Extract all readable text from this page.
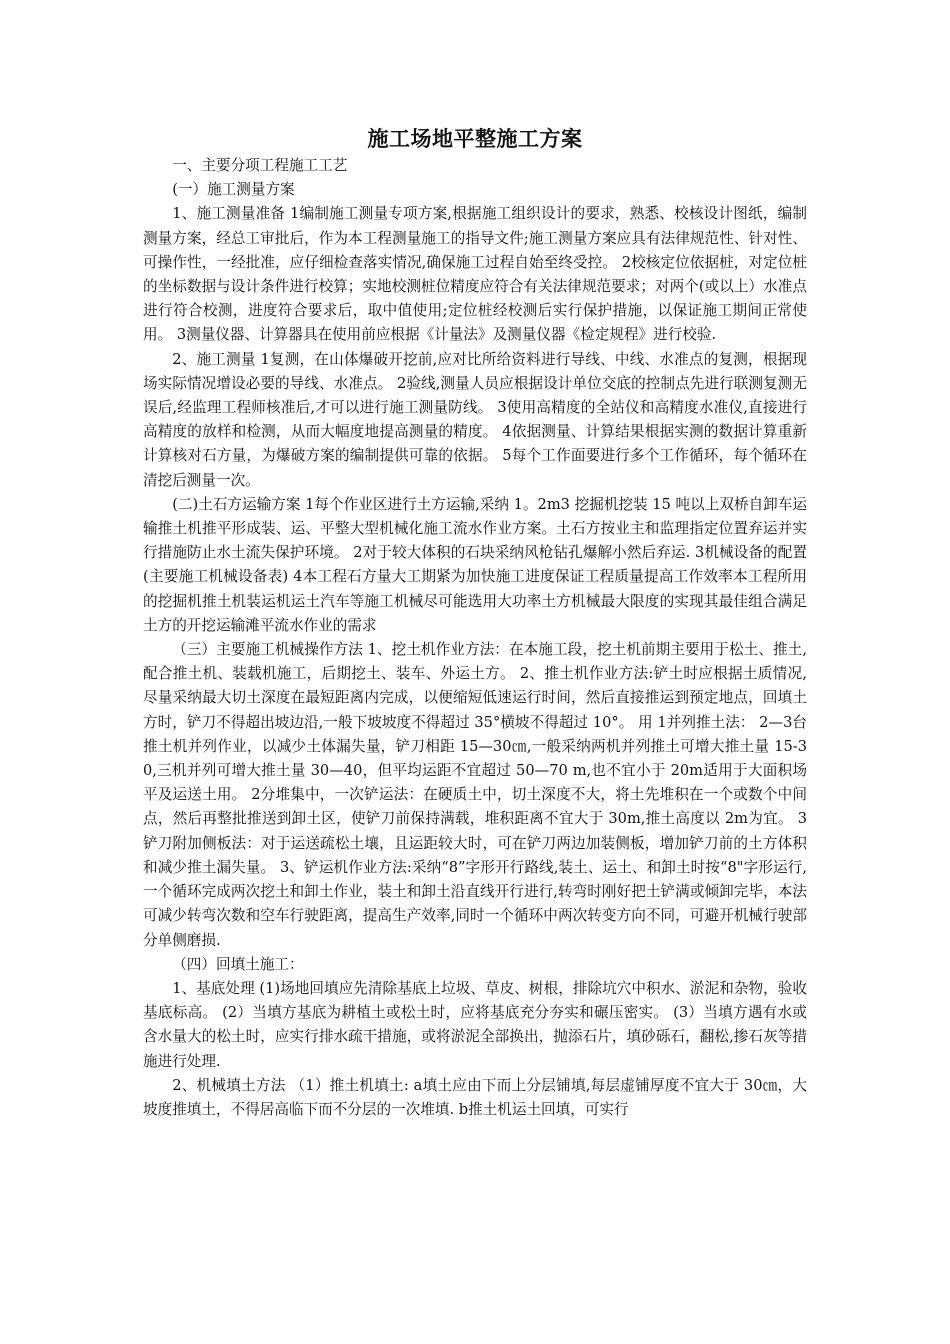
施工场地平整施工方案

一、主要分项工程施工工艺

(一）施工测量方案

1、施工测量准备 1编制施工测量专项方案,根据施工组织设计的要求，熟悉、校核设计图纸，编制测量方案，经总工审批后，作为本工程测量施工的指导文件;施工测量方案应具有法律规范性、针对性、可操作性，一经批准，应仔细检查落实情况,确保施工过程自始至终受控。 2校核定位依据桩，对定位桩的坐标数据与设计条件进行校算；实地校测桩位精度应符合有关法律规范要求；对两个(或以上）水准点进行符合校测，进度符合要求后，取中值使用;定位桩经校测后实行保护措施，以保证施工期间正常使用。 3测量仪器、计算器具在使用前应根据《计量法》及测量仪器《检定规程》进行校验.

2、施工测量 1复测，在山体爆破开挖前,应对比所给资料进行导线、中线、水准点的复测，根据现场实际情况增设必要的导线、水准点。 2验线,测量人员应根据设计单位交底的控制点先进行联测复测无误后,经监理工程师核准后,才可以进行施工测量防线。 3使用高精度的全站仪和高精度水准仪,直接进行高精度的放样和检测，从而大幅度地提高测量的精度。 4依据测量、计算结果根据实测的数据计算重新计算核对石方量，为爆破方案的编制提供可靠的依据。 5每个工作面要进行多个工作循环，每个循环在清挖后测量一次。

(二)土石方运输方案 1每个作业区进行土方运输,采纳 1。2m3 挖掘机挖装 15 吨以上双桥自卸车运输推土机推平形成装、运、平整大型机械化施工流水作业方案。土石方按业主和监理指定位置弃运并实行措施防止水土流失保护环境。 2对于较大体积的石块采纳风枪钻孔爆解小然后弃运. 3机械设备的配置(主要施工机械设备表) 4本工程石方量大工期紧为加快施工进度保证工程质量提高工作效率本工程所用的挖掘机推土机装运机运土汽车等施工机械尽可能选用大功率土方机械最大限度的实现其最佳组合满足土方的开挖运输滩平流水作业的需求

（三）主要施工机械操作方法 1、挖土机作业方法：在本施工段，挖土机前期主要用于松土、推土,配合推土机、装载机施工，后期挖土、装车、外运土方。 2、推土机作业方法:铲土时应根据土质情况,尽量采纳最大切土深度在最短距离内完成，以便缩短低速运行时间，然后直接推运到预定地点，回填土方时，铲刀不得超出坡边沿,一般下坡坡度不得超过 35°横坡不得超过 10°。 用 1并列推土法： 2—3台推土机并列作业，以减少土体漏失量，铲刀相距 15—30㎝,一般采纳两机并列推土可增大推土量 15-30,三机并列可增大推土量 30—40，但平均运距不宜超过 50—70 m,也不宜小于 20m适用于大面积场平及运送土用。 2分堆集中，一次铲运法：在硬质土中，切土深度不大，将土先堆积在一个或数个中间点，然后再整批推送到卸土区，使铲刀前保持满载，堆积距离不宜大于 30m,推土高度以 2m为宜。 3铲刀附加侧板法：对于运送疏松土壤，且运距较大时，可在铲刀两边加装侧板，增加铲刀前的土方体积和减少推土漏失量。 3、铲运机作业方法:采纳“8”字形开行路线,装土、运土、和卸土时按“8"字形运行,一个循环完成两次挖土和卸土作业，装土和卸土沿直线开行进行,转弯时刚好把土铲满或倾卸完毕，本法可减少转弯次数和空车行驶距离，提高生产效率,同时一个循环中两次转变方向不同，可避开机械行驶部分单侧磨损.

（四）回填土施工：

1、基底处理 (1)场地回填应先清除基底上垃圾、草皮、树根，排除坑穴中积水、淤泥和杂物，验收基底标高。 (2）当填方基底为耕植土或松土时，应将基底充分夯实和碾压密实。 (3）当填方遇有水或含水量大的松土时，应实行排水疏干措施，或将淤泥全部换出，抛添石片，填砂砾石，翻松,掺石灰等措施进行处理.

2、机械填土方法 （1）推土机填土: a填土应由下而上分层铺填,每层虚铺厚度不宜大于 30㎝，大坡度推填土，不得居高临下而不分层的一次堆填. b推土机运土回填，可实行
